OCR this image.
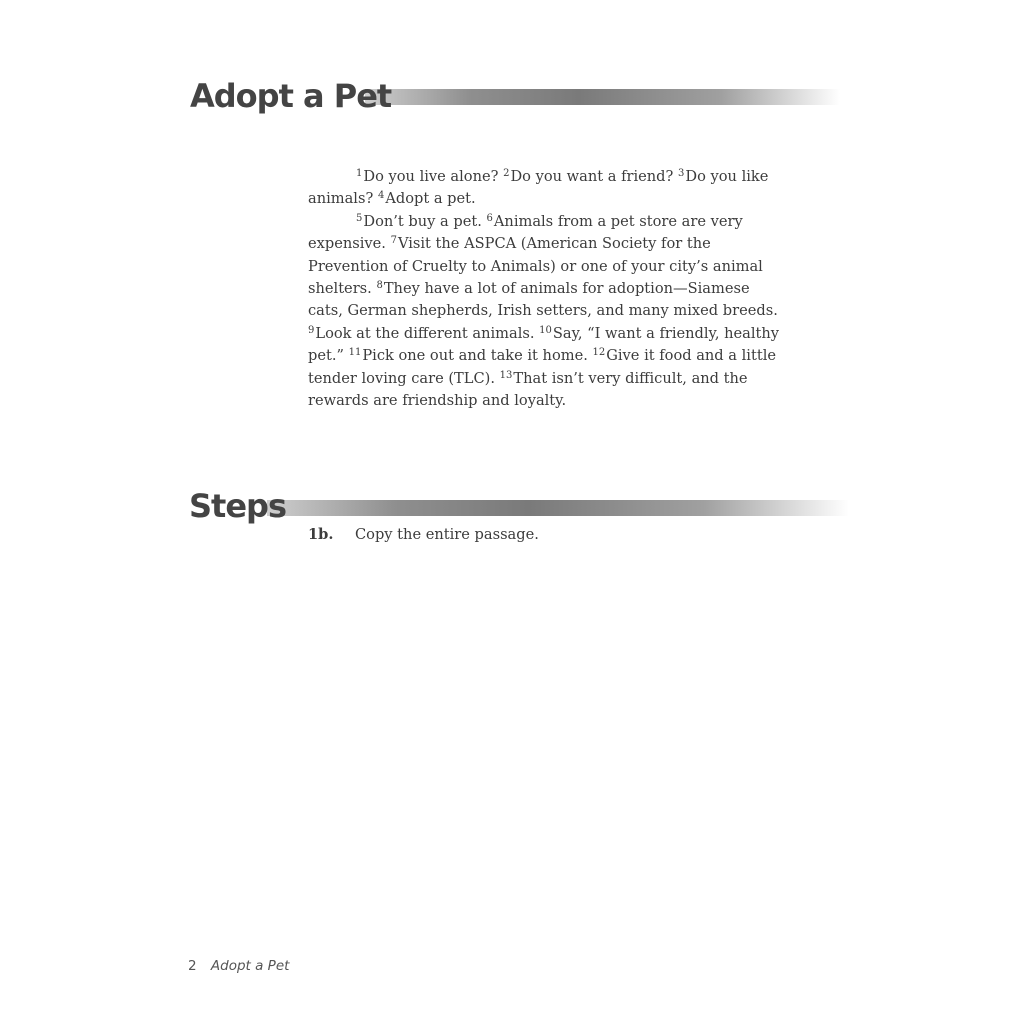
Adopt a Pet

$^1$Do you live alone? $^2$Do you want a friend? $^3$Do you like animals? $^4$Adopt a pet.

$^5$Don’t buy a pet. $^6$Animals from a pet store are very expensive. $^7$Visit the ASPCA (American Society for the Prevention of Cruelty to Animals) or one of your city’s animal shelters. $^8$They have a lot of animals for adoption—Siamese cats, German shepherds, Irish setters, and many mixed breeds. $^9$Look at the different animals. $^{10}$Say, “I want a friendly, healthy pet.” $^{11}$Pick one out and take it home. $^{12}$Give it food and a little tender loving care (TLC). $^{13}$That isn’t very difficult, and the rewards are friendship and loyalty.

Steps
1b.	Copy the entire passage.
2 Adopt a Pet
